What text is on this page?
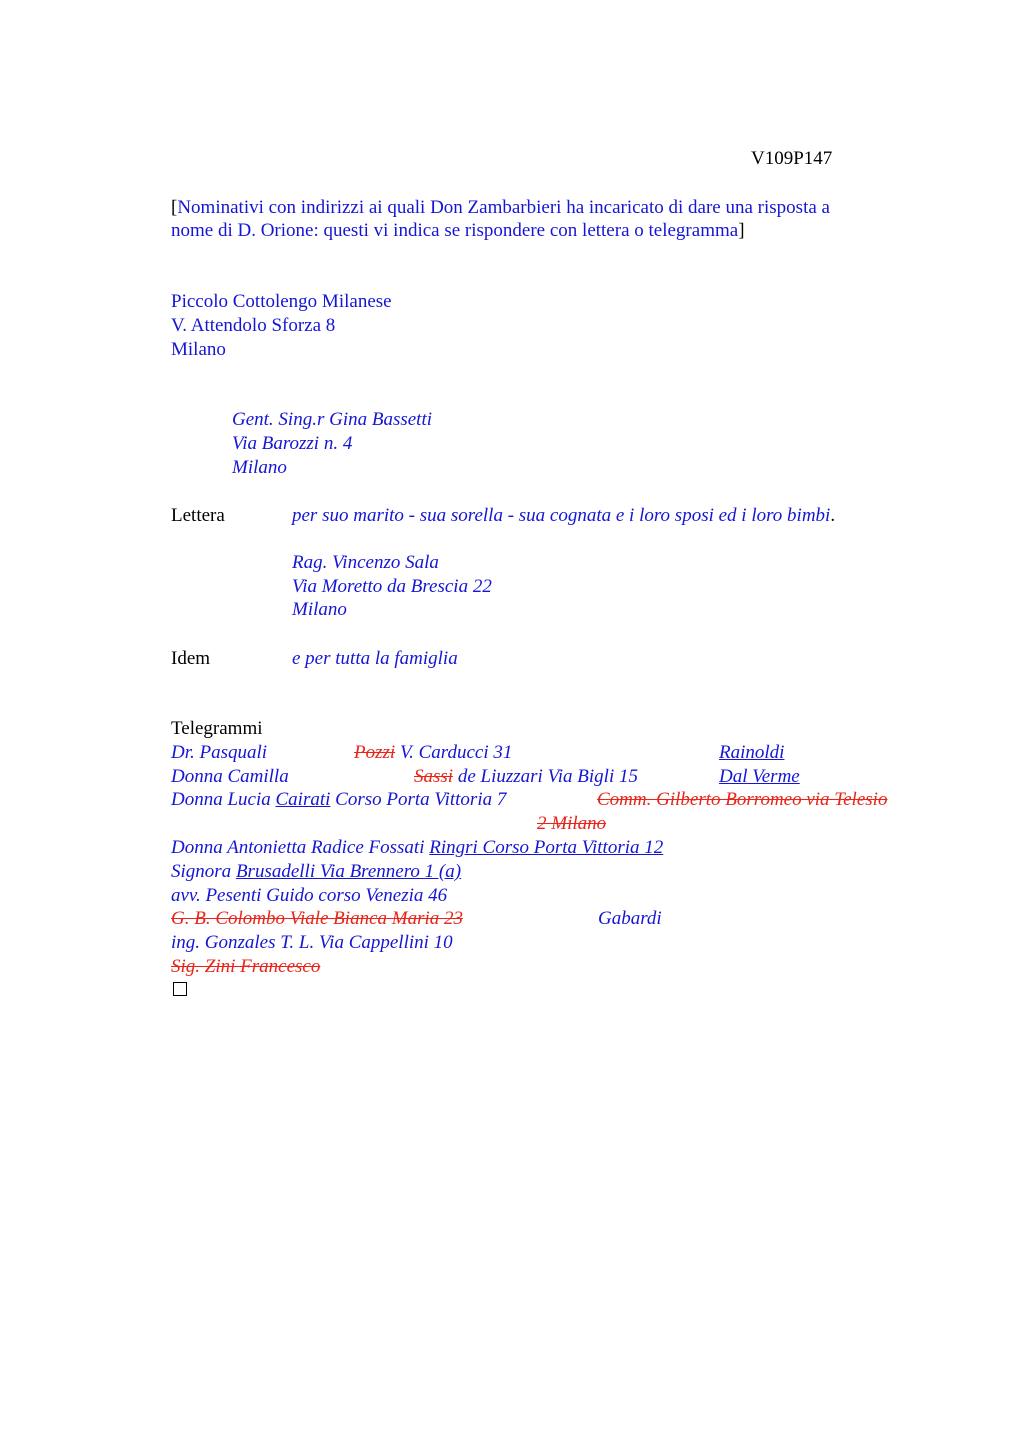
V109P147
[Nominativi con indirizzi ai quali Don Zambarbieri ha incaricato di dare una risposta a
nome di D. Orione: questi vi indica se rispondere con lettera o telegramma]
Piccolo Cottolengo Milanese
V. Attendolo Sforza 8
Milano
Gent. Sing.r Gina Bassetti
Via Barozzi n. 4
Milano
Lettera	per suo marito - sua sorella - sua cognata e i loro sposi ed i loro bimbi.
Rag. Vincenzo Sala
Via Moretto da Brescia 22
Milano
Idem	e per tutta la famiglia
Telegrammi
Dr. Pasquali	Pozzi V. Carducci 31	Rainoldi
Donna Camilla	Sassi de Liuzzari Via Bigli 15	Dal Verme
Donna Lucia Cairati Corso Porta Vittoria 7	Comm. Gilberto Borromeo via Telesio
2 Milano
Donna Antonietta Radice Fossati Ringri Corso Porta Vittoria 12
Signora Brusadelli Via Brennero 1 (a)
avv. Pesenti Guido corso Venezia 46
G. B. Colombo Viale Bianca Maria 23	Gabardi
ing. Gonzales T. L. Via Cappellini 10
Sig. Zini Francesco
